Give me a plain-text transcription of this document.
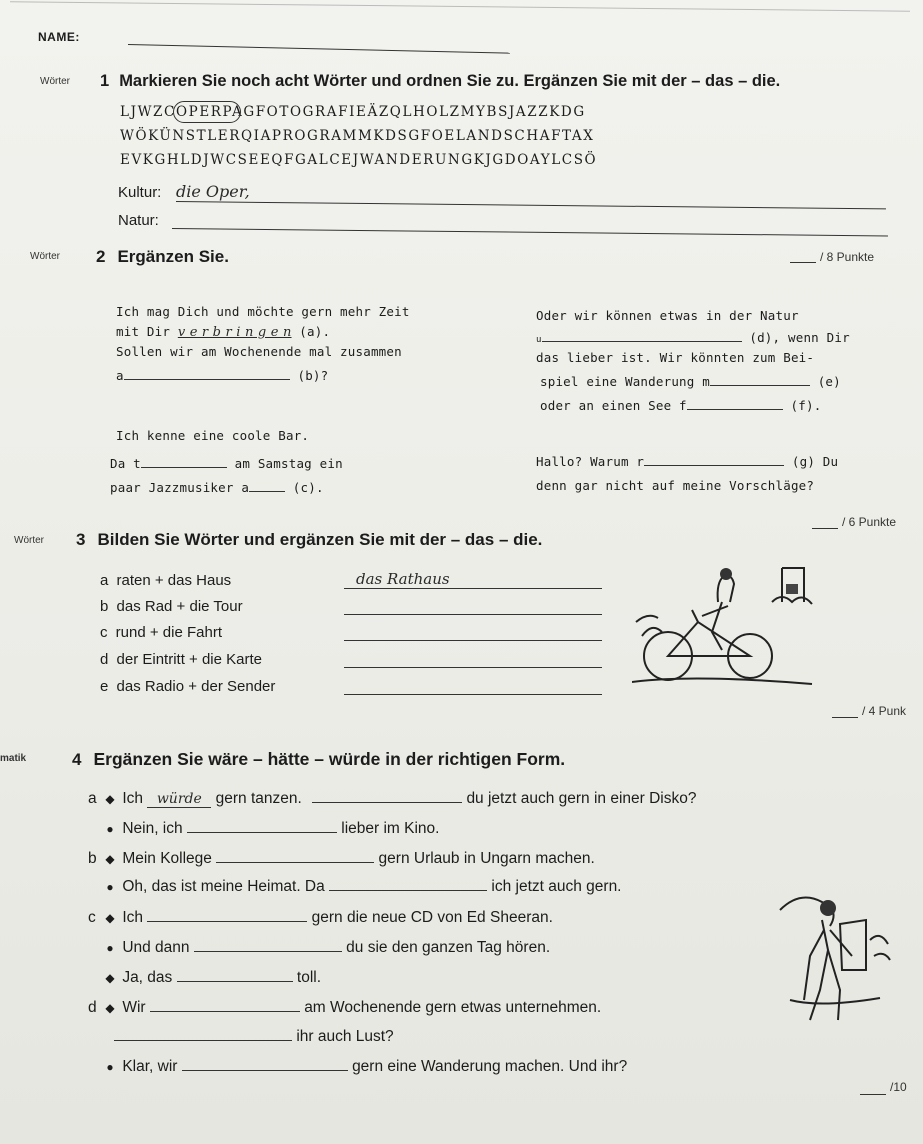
NAME:
Wörter 1 Markieren Sie noch acht Wörter und ordnen Sie zu. Ergänzen Sie mit der – das – die.
LJWZCOPERPAGFOTOGRAFIEÄZQLHOLZMYBSJAZZKDG
WÖKÜNSTLERQIAPROGRAMMKDSGFOELANDSCHAFTAX
EVKGHLDJWCSEEQFGALCEJWANDERUNGKJGDOAYLCSÖ
Kultur: die Oper,
Natur:
/ 8 Punkte
Wörter 2 Ergänzen Sie.
Ich mag Dich und möchte gern mehr Zeit
mit Dir v e r b r i n g e n (a).
Sollen wir am Wochenende mal zusammen
a	(b)?
Ich kenne eine coole Bar.
Da t	am Samstag ein
paar Jazzmusiker a	(c).
Oder wir können etwas in der Natur
u	(d), wenn Dir
das lieber ist. Wir könnten zum Bei-
spiel eine Wanderung m	(e)
oder an einen See f	(f).
Hallo? Warum r	(g) Du
denn gar nicht auf meine Vorschläge?
/ 6 Punkte
Wörter 3 Bilden Sie Wörter und ergänzen Sie mit der – das – die.
a raten + das Haus	das Rathaus
b das Rad + die Tour
c rund + die Fahrt
d der Eintritt + die Karte
e das Radio + der Sender
/ 4 Punk
matik	4 Ergänzen Sie wäre – hätte – würde in der richtigen Form.
a ◆ Ich würde gern tanzen.	du jetzt auch gern in einer Disko?
● Nein, ich	lieber im Kino.
b ◆ Mein Kollege	gern Urlaub in Ungarn machen.
● Oh, das ist meine Heimat. Da	ich jetzt auch gern.
c ◆ Ich	gern die neue CD von Ed Sheeran.
● Und dann	du sie den ganzen Tag hören.
◆ Ja, das	toll.
d ◆ Wir	am Wochenende gern etwas unternehmen.
ihr auch Lust?
● Klar, wir	gern eine Wanderung machen. Und ihr?
/10
